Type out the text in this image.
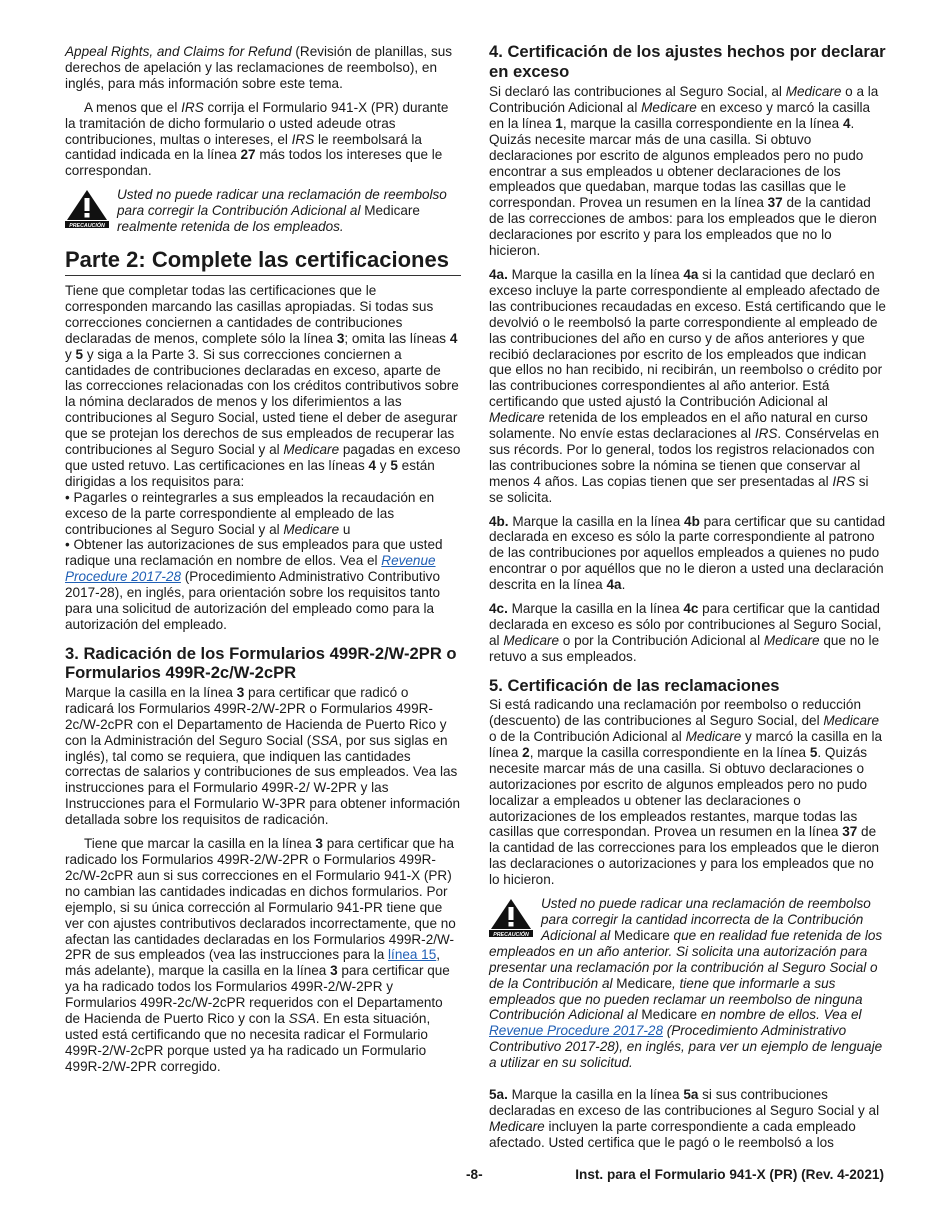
Appeal Rights, and Claims for Refund (Revisión de planillas, sus derechos de apelación y las reclamaciones de reembolso), en inglés, para más información sobre este tema.

A menos que el IRS corrija el Formulario 941-X (PR) durante la tramitación de dicho formulario o usted adeude otras contribuciones, multas o intereses, el IRS le reembolsará la cantidad indicada en la línea 27 más todos los intereses que le correspondan.

PRECAUCIÓN
Usted no puede radicar una reclamación de reembolso para corregir la Contribución Adicional al Medicare realmente retenida de los empleados.
Parte 2: Complete las certificaciones

Tiene que completar todas las certificaciones que le corresponden marcando las casillas apropiadas. Si todas sus correcciones conciernen a cantidades de contribuciones declaradas de menos, complete sólo la línea 3; omita las líneas 4 y 5 y siga a la Parte 3. Si sus correcciones conciernen a cantidades de contribuciones declaradas en exceso, aparte de las correcciones relacionadas con los créditos contributivos sobre la nómina declarados de menos y los diferimientos a las contribuciones al Seguro Social, usted tiene el deber de asegurar que se protejan los derechos de sus empleados de recuperar las contribuciones al Seguro Social y al Medicare pagadas en exceso que usted retuvo. Las certificaciones en las líneas 4 y 5 están dirigidas a los requisitos para:

• Pagarles o reintegrarles a sus empleados la recaudación en exceso de la parte correspondiente al empleado de las contribuciones al Seguro Social y al Medicare u

• Obtener las autorizaciones de sus empleados para que usted radique una reclamación en nombre de ellos. Vea el Revenue Procedure 2017-28 (Procedimiento Administrativo Contributivo 2017-28), en inglés, para orientación sobre los requisitos tanto para una solicitud de autorización del empleado como para la autorización del empleado.

3. Radicación de los Formularios 499R-2/W-2PR o Formularios 499R-2c/W-2cPR

Marque la casilla en la línea 3 para certificar que radicó o radicará los Formularios 499R-2/W-2PR o Formularios 499R-2c/W-2cPR con el Departamento de Hacienda de Puerto Rico y con la Administración del Seguro Social (SSA, por sus siglas en inglés), tal como se requiera, que indiquen las cantidades correctas de salarios y contribuciones de sus empleados. Vea las instrucciones para el Formulario 499R-2/ W-2PR y las Instrucciones para el Formulario W-3PR para obtener información detallada sobre los requisitos de radicación.

Tiene que marcar la casilla en la línea 3 para certificar que ha radicado los Formularios 499R-2/W-2PR o Formularios 499R-2c/W-2cPR aun si sus correcciones en el Formulario 941-X (PR) no cambian las cantidades indicadas en dichos formularios. Por ejemplo, si su única corrección al Formulario 941-PR tiene que ver con ajustes contributivos declarados incorrectamente, que no afectan las cantidades declaradas en los Formularios 499R-2/W-2PR de sus empleados (vea las instrucciones para la línea 15, más adelante), marque la casilla en la línea 3 para certificar que ya ha radicado todos los Formularios 499R-2/W-2PR y Formularios 499R-2c/W-2cPR requeridos con el Departamento de Hacienda de Puerto Rico y con la SSA. En esta situación, usted está certificando que no necesita radicar el Formulario 499R-2/W-2cPR porque usted ya ha radicado un Formulario 499R-2/W-2PR corregido.

4. Certificación de los ajustes hechos por declarar en exceso

Si declaró las contribuciones al Seguro Social, al Medicare o a la Contribución Adicional al Medicare en exceso y marcó la casilla en la línea 1, marque la casilla correspondiente en la línea 4. Quizás necesite marcar más de una casilla. Si obtuvo declaraciones por escrito de algunos empleados pero no pudo encontrar a sus empleados u obtener declaraciones de los empleados que quedaban, marque todas las casillas que le correspondan. Provea un resumen en la línea 37 de la cantidad de las correcciones de ambos: para los empleados que le dieron declaraciones por escrito y para los empleados que no lo hicieron.

4a. Marque la casilla en la línea 4a si la cantidad que declaró en exceso incluye la parte correspondiente al empleado afectado de las contribuciones recaudadas en exceso. Está certificando que le devolvió o le reembolsó la parte correspondiente al empleado de las contribuciones del año en curso y de años anteriores y que recibió declaraciones por escrito de los empleados que indican que ellos no han recibido, ni recibirán, un reembolso o crédito por las contribuciones correspondientes al año anterior. Está certificando que usted ajustó la Contribución Adicional al Medicare retenida de los empleados en el año natural en curso solamente. No envíe estas declaraciones al IRS. Consérvelas en sus récords. Por lo general, todos los registros relacionados con las contribuciones sobre la nómina se tienen que conservar al menos 4 años. Las copias tienen que ser presentadas al IRS si se solicita.

4b. Marque la casilla en la línea 4b para certificar que su cantidad declarada en exceso es sólo la parte correspondiente al patrono de las contribuciones por aquellos empleados a quienes no pudo encontrar o por aquéllos que no le dieron a usted una declaración descrita en la línea 4a.

4c. Marque la casilla en la línea 4c para certificar que la cantidad declarada en exceso es sólo por contribuciones al Seguro Social, al Medicare o por la Contribución Adicional al Medicare que no le retuvo a sus empleados.

5. Certificación de las reclamaciones

Si está radicando una reclamación por reembolso o reducción (descuento) de las contribuciones al Seguro Social, del Medicare o de la Contribución Adicional al Medicare y marcó la casilla en la línea 2, marque la casilla correspondiente en la línea 5. Quizás necesite marcar más de una casilla. Si obtuvo declaraciones o autorizaciones por escrito de algunos empleados pero no pudo localizar a empleados u obtener las declaraciones o autorizaciones de los empleados restantes, marque todas las casillas que correspondan. Provea un resumen en la línea 37 de la cantidad de las correcciones para los empleados que le dieron las declaraciones o autorizaciones y para los empleados que no lo hicieron.

PRECAUCIÓN
Usted no puede radicar una reclamación de reembolso para corregir la cantidad incorrecta de la Contribución Adicional al Medicare que en realidad fue retenida de los empleados en un año anterior. Si solicita una autorización para presentar una reclamación por la contribución al Seguro Social o de la Contribución al Medicare, tiene que informarle a sus empleados que no pueden reclamar un reembolso de ninguna Contribución Adicional al Medicare en nombre de ellos. Vea el Revenue Procedure 2017-28 (Procedimiento Administrativo Contributivo 2017-28), en inglés, para ver un ejemplo de lenguaje a utilizar en su solicitud.

5a. Marque la casilla en la línea 5a si sus contribuciones declaradas en exceso de las contribuciones al Seguro Social y al Medicare incluyen la parte correspondiente a cada empleado afectado. Usted certifica que le pagó o le reembolsó a los

-8-	Inst. para el Formulario 941-X (PR) (Rev. 4-2021)
